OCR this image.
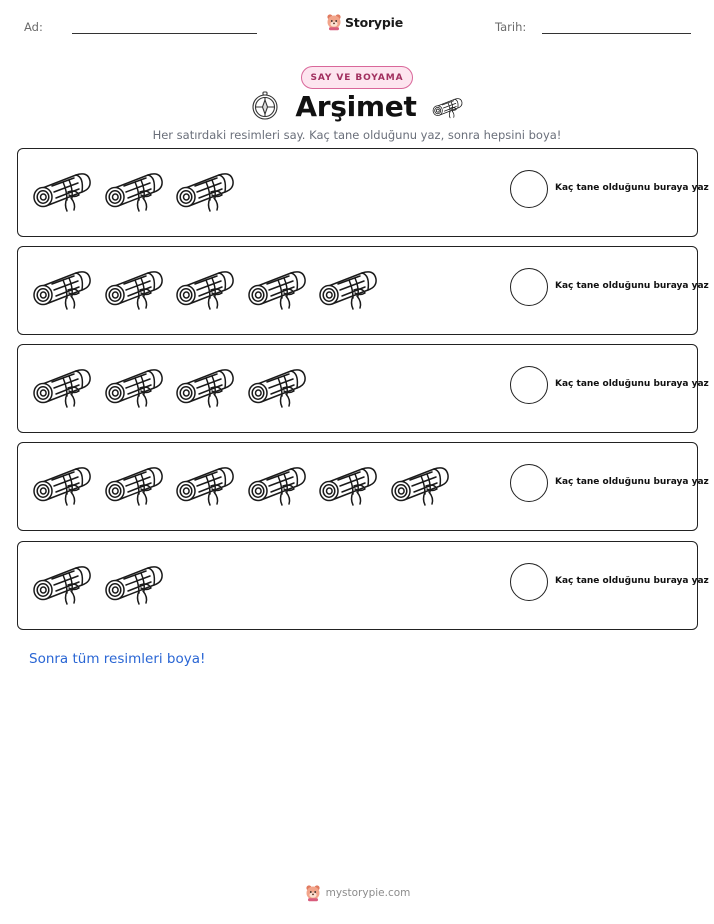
Ad:	Storypie	Tarih:
SAY VE BOYAMA
Arşimet
Her satırdaki resimleri say. Kaç tane olduğunu yaz, sonra hepsini boya!
Kaç tane olduğunu buraya yaz
Kaç tane olduğunu buraya yaz
Kaç tane olduğunu buraya yaz
Kaç tane olduğunu buraya yaz
Kaç tane olduğunu buraya yaz
Sonra tüm resimleri boya!
mystorypie.com
